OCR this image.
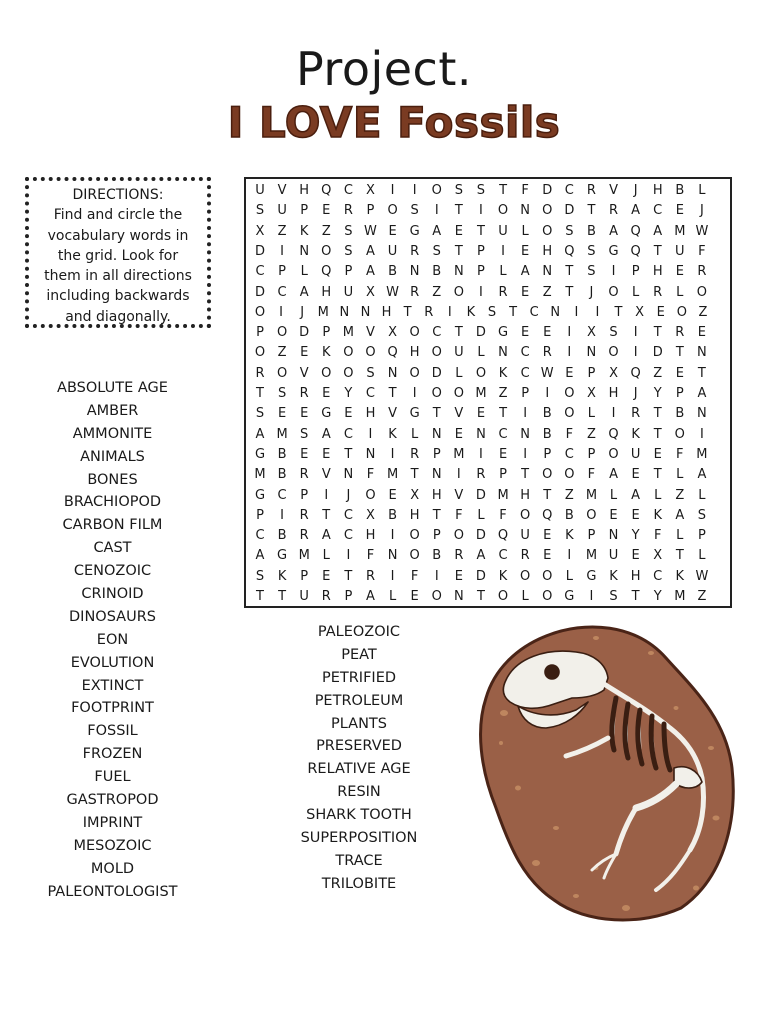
Project.
I LOVE Fossils
DIRECTIONS:
Find and circle the
vocabulary words in
the grid. Look for
them in all directions
including backwards
and diagonally.
U V H Q C	X	I	I	O S	S	T	F	D C	R	V	J	H B	L
S	U	P	E	R	P	O S	I	T	I	O N O D	T	R	A	C	E	J
X	Z	K	Z	S W E G A	E	T	U	L	O S	B	A Q A M W
D	I	N O S	A U R	S	T	P	I	E	H Q S G Q	T	U	F
C	P	L	Q	P	A	B N B N	P	L	A N	T	S	I	P	H	E	R
D C	A H U X W R	Z O	I	R	E	Z	T	J	O	L	R	L	O
O	I	J	M N N H T R	I	K S T C N	I	I	T X E O Z
P	O D	P M V	X O C	T	D G E	E	I	X	S	I	T	R	E
O Z	E	K O O Q H O U	L	N C	R	I	N O	I	D	T	N
R O V O O S	N O D	L	O K	C W E	P	X Q Z	E	T
T	S	R	E	Y	C	T	I	O O M Z	P	I	O X H	J	Y	P	A
S	E	E G E	H V G	T	V	E	T	I	B O	L	I	R	T	B N
A M S	A	C	I	K	L	N	E	N C N B	F	Z Q K	T	O	I
G B	E	E	T	N	I	R	P M	I	E	I	P	C	P	O U	E	F M
M B	R	V N	F M T	N	I	R	P	T	O O	F	A	E	T	L	A
G C	P	I	J	O E	X H V D M H	T	Z M L	A	L	Z	L
P	I	R	T	C	X	B H	T	F	L	F	O Q B O E	E	K	A	S
C	B	R	A	C H	I	O	P	O D Q U	E	K	P	N	Y	F	L	P
A G M L	I	F	N O B	R	A	C	R	E	I	M U	E	X	T	L
S	K	P	E	T	R	I	F	I	E D K O O	L	G K H C	K W
T	T	U R	P	A	L	E O N	T	O	L	O G	I	S	T	Y M Z
ABSOLUTE AGE
AMBER
AMMONITE
ANIMALS
BONES
BRACHIOPOD
CARBON FILM
CAST
CENOZOIC
CRINOID
DINOSAURS
EON
EVOLUTION
EXTINCT
FOOTPRINT
FOSSIL
FROZEN
FUEL
GASTROPOD
IMPRINT
MESOZOIC
MOLD
PALEONTOLOGIST
PALEOZOIC
PEAT
PETRIFIED
PETROLEUM
PLANTS
PRESERVED
RELATIVE AGE
RESIN
SHARK TOOTH
SUPERPOSITION
TRACE
TRILOBITE
